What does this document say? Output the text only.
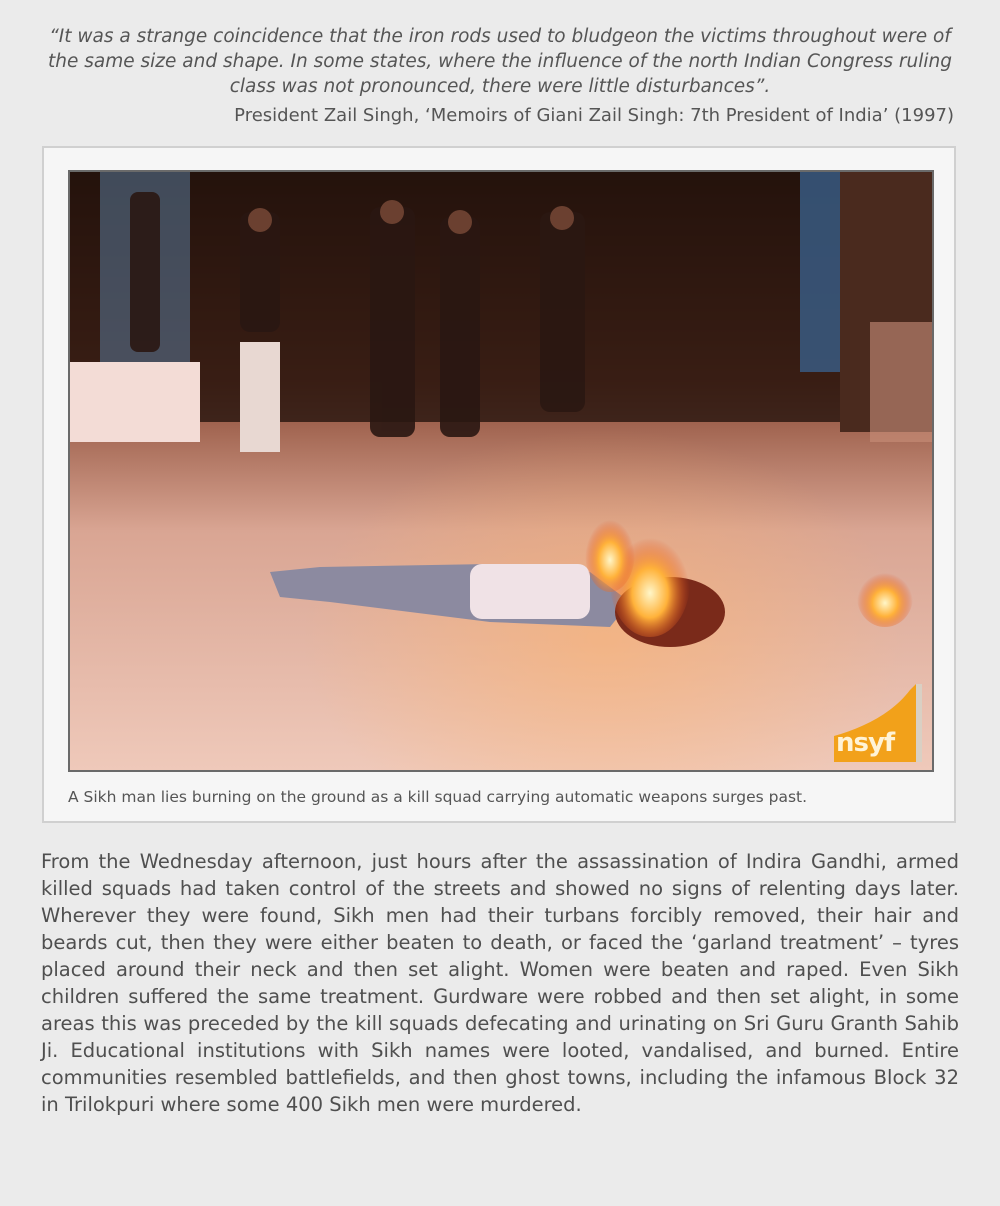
“It was a strange coincidence that the iron rods used to bludgeon the victims throughout were of the same size and shape. In some states, where the influence of the north Indian Congress ruling class was not pronounced, there were little disturbances”.

President Zail Singh, ‘Memoirs of Giani Zail Singh: 7th President of India’ (1997)

nsyf

A Sikh man lies burning on the ground as a kill squad carrying automatic weapons surges past.

From the Wednesday afternoon, just hours after the assassination of Indira Gandhi, armed killed squads had taken control of the streets and showed no signs of relenting days later. Wherever they were found, Sikh men had their turbans forcibly removed, their hair and beards cut, then they were either beaten to death, or faced the ‘garland treatment’ – tyres placed around their neck and then set alight. Women were beaten and raped. Even Sikh children suffered the same treatment. Gurdware were robbed and then set alight, in some areas this was preceded by the kill squads defecating and urinating on Sri Guru Granth Sahib Ji. Educational institutions with Sikh names were looted, vandalised, and burned. Entire communities resembled battlefields, and then ghost towns, including the infamous Block 32 in Trilokpuri where some 400 Sikh men were murdered.
